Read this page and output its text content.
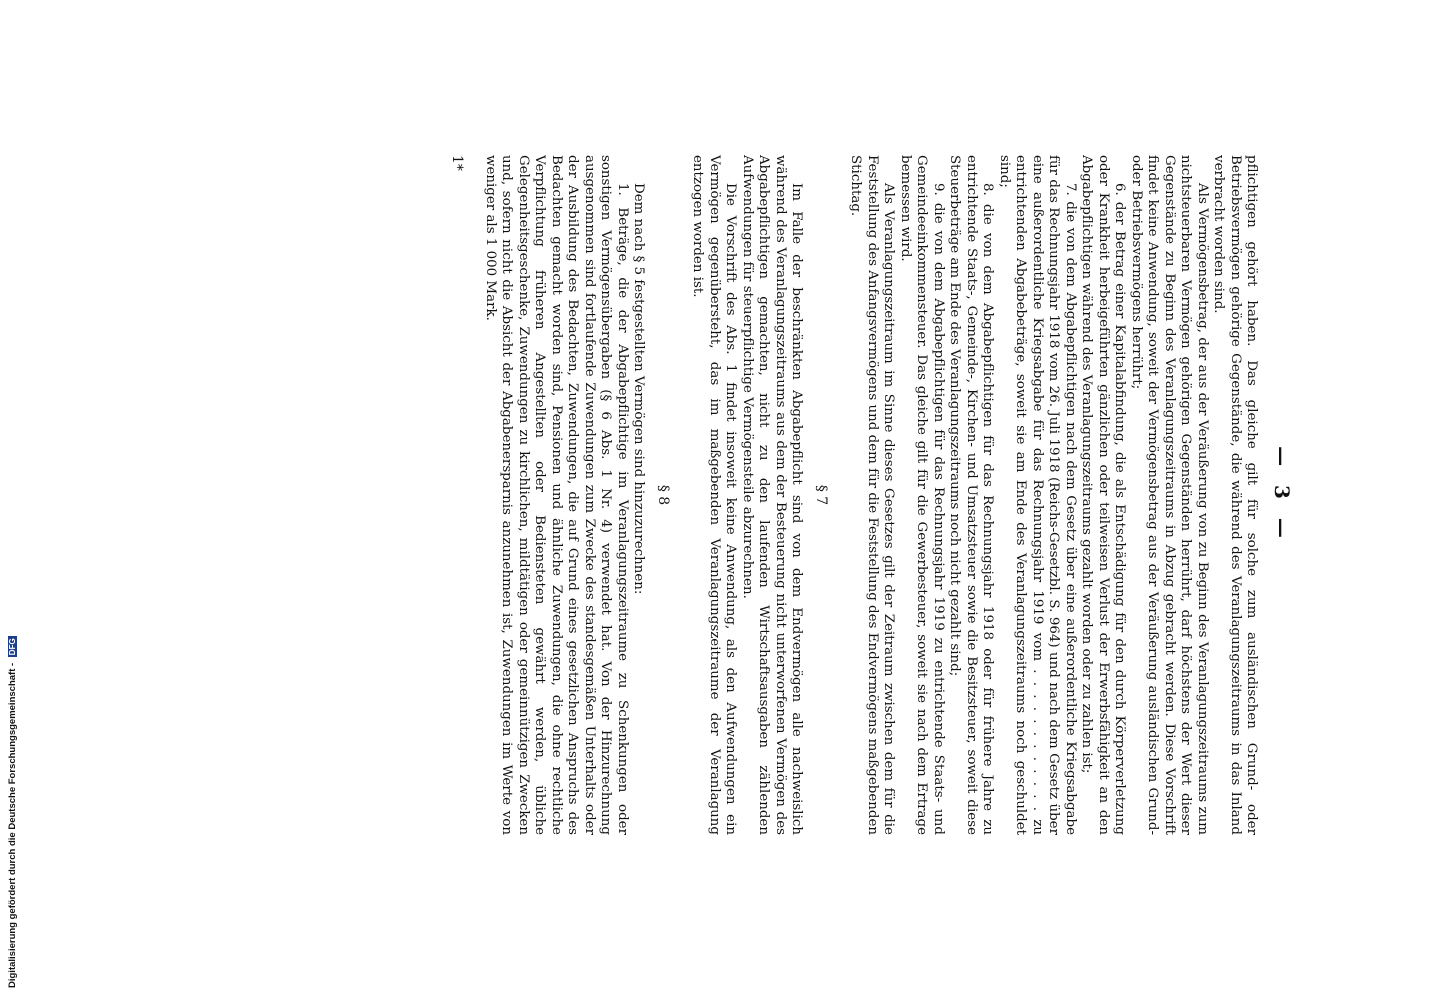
— 3 —

pflichtigen gehört haben. Das gleiche gilt für solche zum ausländischen Grund- oder Betriebsvermögen gehörige Gegenstände, die während des Veranlagungszeitraums in das Inland verbracht worden sind.

Als Vermögensbetrag, der aus der Veräußerung von zu Beginn des Veranlagungszeitraums zum nichtsteuerbaren Vermögen gehörigen Gegenständen herrührt, darf höchstens der Wert dieser Gegenstände zu Beginn des Veranlagungszeitraums in Abzug gebracht werden. Diese Vorschrift findet keine Anwendung, soweit der Vermögensbetrag aus der Veräußerung ausländischen Grund- oder Betriebsvermögens herrührt;

6. der Betrag einer Kapitalabfindung, die als Entschädigung für den durch Körperverletzung oder Krankheit herbeigeführten gänzlichen oder teilweisen Verlust der Erwerbsfähigkeit an den Abgabepflichtigen während des Veranlagungszeitraums gezahlt worden oder zu zahlen ist;

7. die von dem Abgabepflichtigen nach dem Gesetz über eine außerordentliche Kriegsabgabe für das Rechnungsjahr 1918 vom 26. Juli 1918 (Reichs-Gesetzbl. S. 964) und nach dem Gesetz über eine außerordentliche Kriegsabgabe für das Rechnungsjahr 1919 vom . . . . . . . . . . . . zu entrichtenden Abgabebeträge, soweit sie am Ende des Veranlagungszeitraums noch geschuldet sind;

8. die von dem Abgabepflichtigen für das Rechnungsjahr 1918 oder für frühere Jahre zu entrichtende Staats-, Gemeinde-, Kirchen- und Umsatzsteuer sowie die Besitzsteuer, soweit diese Steuerbeträge am Ende des Veranlagungszeitraums noch nicht gezahlt sind;

9. die von dem Abgabepflichtigen für das Rechnungsjahr 1919 zu entrichtende Staats- und Gemeindeeinkommensteuer. Das gleiche gilt für die Gewerbesteuer, soweit sie nach dem Ertrage bemessen wird.

Als Veranlagungszeitraum im Sinne dieses Gesetzes gilt der Zeitraum zwischen dem für die Feststellung des Anfangsvermögens und dem für die Feststellung des Endvermögens maßgebenden Stichtag.

§ 7

Im Falle der beschränkten Abgabepflicht sind von dem Endvermögen alle nachweislich während des Veranlagungszeitraums aus dem der Besteuerung nicht unterworfenen Vermögen des Abgabepflichtigen gemachten, nicht zu den laufenden Wirtschaftsausgaben zählenden Aufwendungen für steuerpflichtige Vermögensteile abzurechnen.

Die Vorschrift des Abs. 1 findet insoweit keine Anwendung, als den Aufwendungen ein Vermögen gegenübersteht, das im maßgebenden Veranlagungszeitraume der Veranlagung entzogen worden ist.

§ 8

Dem nach § 5 festgestellten Vermögen sind hinzuzurechnen:

1. Beträge, die der Abgabepflichtige im Veranlagungszeitraume zu Schenkungen oder sonstigen Vermögensübergaben (§ 6 Abs. 1 Nr. 4) verwendet hat. Von der Hinzurechnung ausgenommen sind fortlaufende Zuwendungen zum Zwecke des standesgemäßen Unterhalts oder der Ausbildung des Bedachten, Zuwendungen, die auf Grund eines gesetzlichen Anspruchs des Bedachten gemacht worden sind, Pensionen und ähnliche Zuwendungen, die ohne rechtliche Verpflichtung früheren Angestellten oder Bediensteten gewährt werden, übliche Gelegenheitsgeschenke, Zuwendungen zu kirchlichen, mildtätigen oder gemeinnützigen Zwecken und, sofern nicht die Absicht der Abgabenersparnis anzunehmen ist, Zuwendungen im Werte von weniger als 1 000 Mark.

1*
Digitalisierung gefördert durch die Deutsche Forschungsgemeinschaft - DFG
